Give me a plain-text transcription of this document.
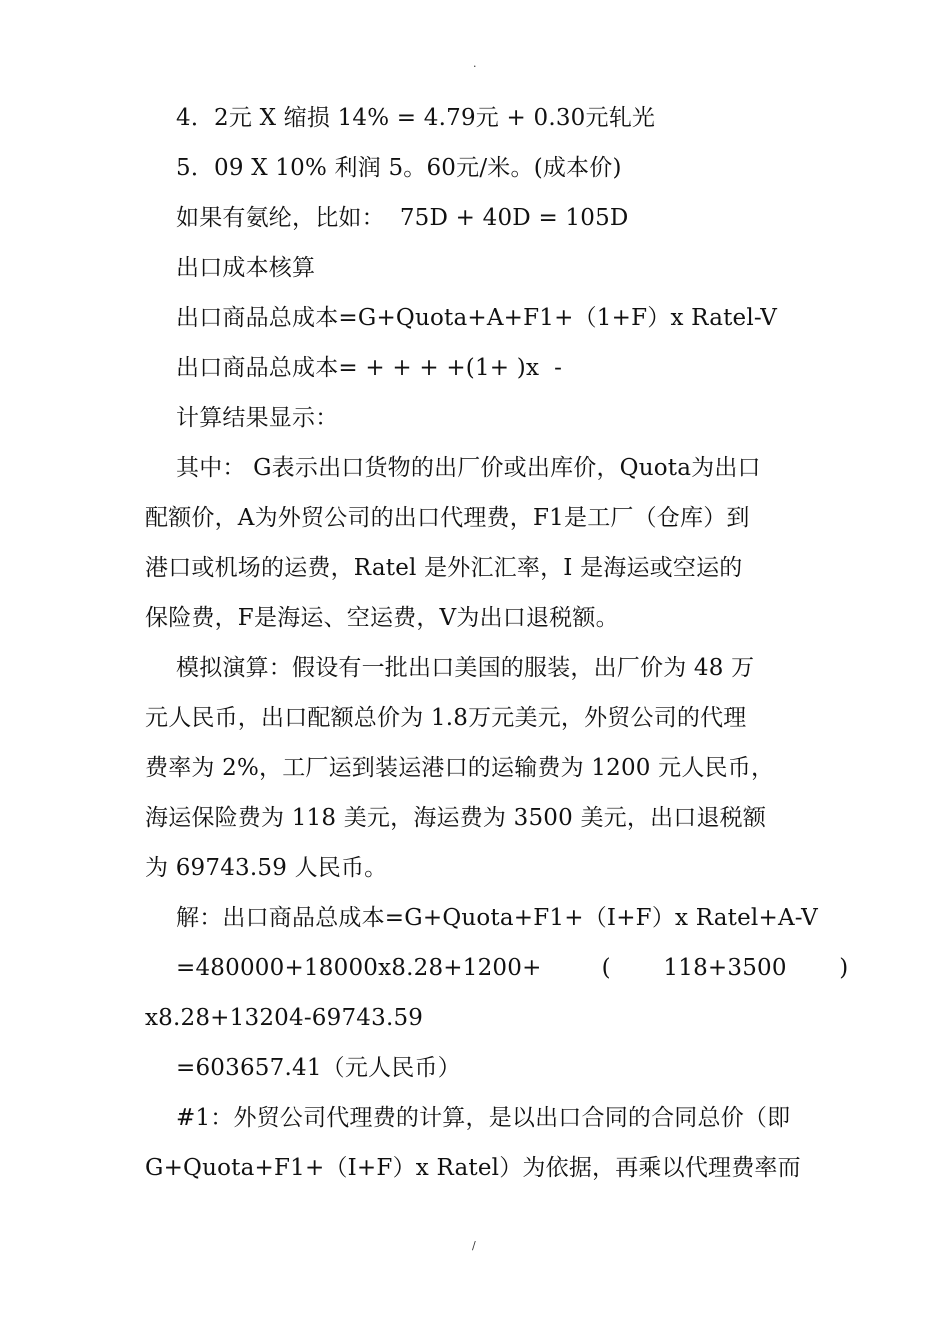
.
4．2元 X 缩损 14% = 4.79元 + 0.30元轧光
5．09 X 10% 利润 5。60元/米。(成本价)
如果有氨纶，比如：  75D + 40D = 105D
出口成本核算
出口商品总成本=G+Quota+A+F1+（1+F）x Ratel-V
出口商品总成本= + + + +(1+ )x  -
计算结果显示：
其中： G表示出口货物的出厂价或出库价，Quota为出口
配额价，A为外贸公司的出口代理费，F1是工厂（仓库）到
港口或机场的运费，Ratel 是外汇汇率，I 是海运或空运的
保险费，F是海运、空运费，V为出口退税额。
模拟演算：假设有一批出口美国的服装，出厂价为 48 万
元人民币，出口配额总价为 1.8万元美元，外贸公司的代理
费率为 2%，工厂运到装运港口的运输费为 1200 元人民币，
海运保险费为 118 美元，海运费为 3500 美元，出口退税额
为 69743.59 人民币。
解：出口商品总成本=G+Quota+F1+（I+F）x Ratel+A-V
=480000+18000x8.28+1200+        (       118+3500       )
x8.28+13204-69743.59
=603657.41（元人民币）
#1：外贸公司代理费的计算，是以出口合同的合同总价（即
G+Quota+F1+（I+F）x Ratel）为依据，再乘以代理费率而
/
